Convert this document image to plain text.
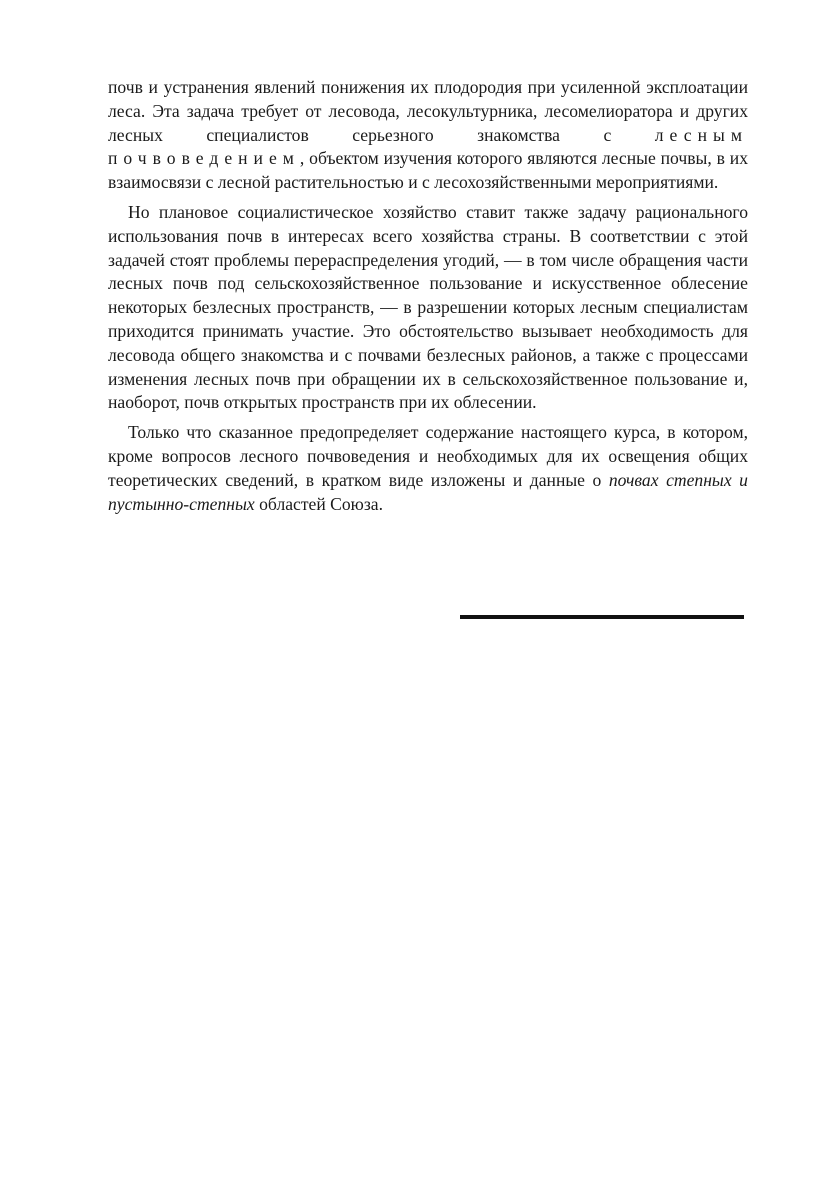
почв и устранения явлений понижения их плодородия при усиленной эксплоатации леса. Эта задача требует от лесовода, лесокультурника, лесомелиоратора и других лесных специалистов серьезного знакомства с лесным почвоведением, объектом изучения которого являются лесные почвы, в их взаимосвязи с лесной растительностью и с лесохозяйственными мероприятиями.

Но плановое социалистическое хозяйство ставит также задачу рационального использования почв в интересах всего хозяйства страны. В соответствии с этой задачей стоят проблемы перераспределения угодий, — в том числе обращения части лесных почв под сельскохозяйственное пользование и искусственное облесение некоторых безлесных пространств, — в разрешении которых лесным специалистам приходится принимать участие. Это обстоятельство вызывает необходимость для лесовода общего знакомства и с почвами безлесных районов, а также с процессами изменения лесных почв при обращении их в сельскохозяйственное пользование и, наоборот, почв открытых пространств при их облесении.

Только что сказанное предопределяет содержание настоящего курса, в котором, кроме вопросов лесного почвоведения и необходимых для их освещения общих теоретических сведений, в кратком виде изложены и данные о почвах степных и пустынно-степных областей Союза.
